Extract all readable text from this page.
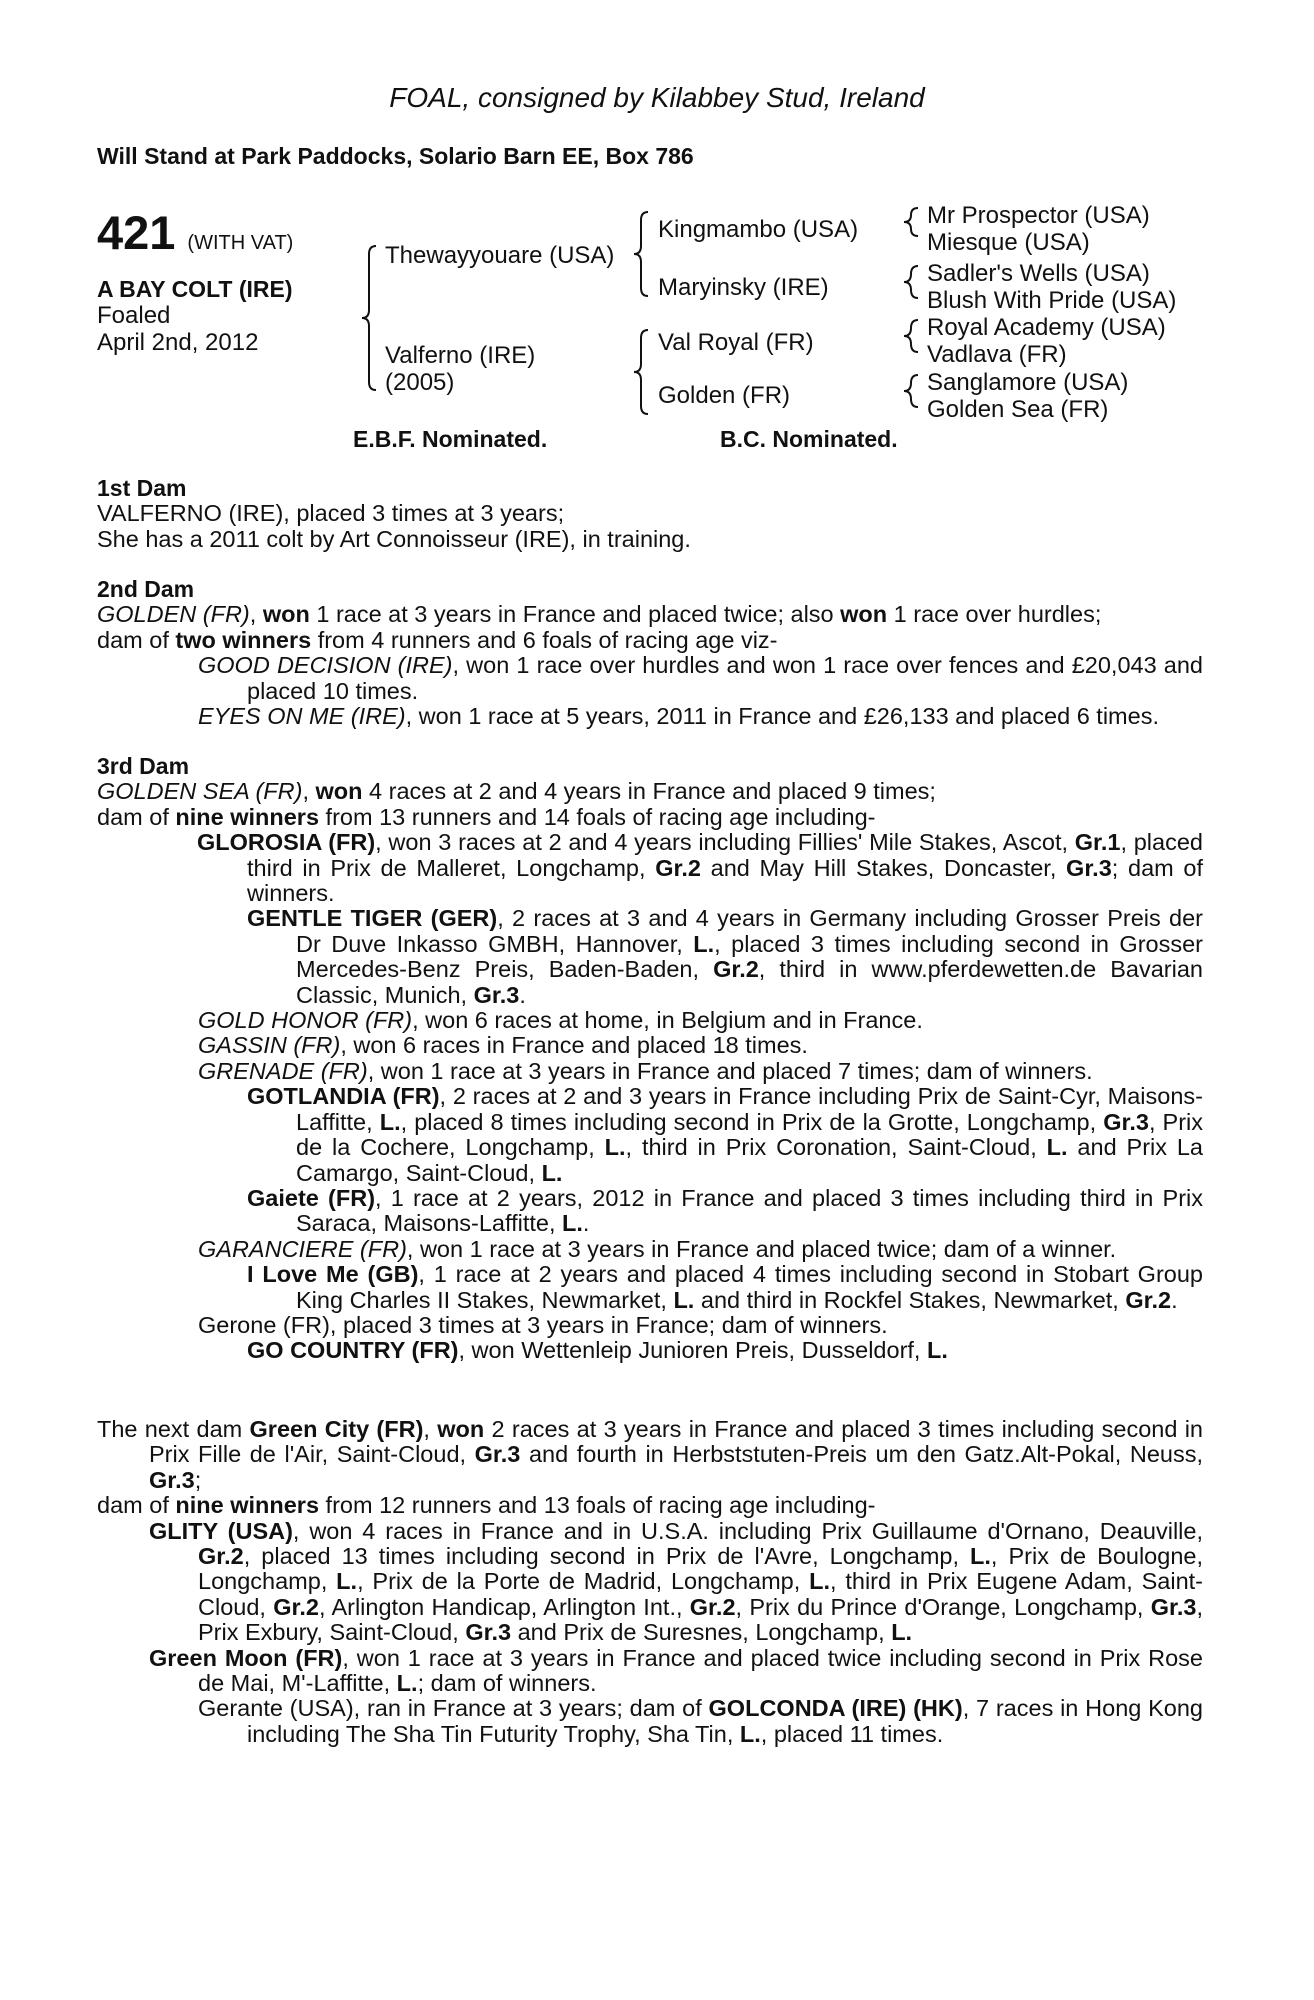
FOAL, consigned by Kilabbey Stud, Ireland
Will Stand at Park Paddocks, Solario Barn EE, Box 786
421 (WITH VAT)
A BAY COLT (IRE)
Foaled
April 2nd, 2012
Thewayyouare (USA)
Valferno (IRE)
(2005)
Kingmambo (USA)
Maryinsky (IRE)
Val Royal (FR)
Golden (FR)
Mr Prospector (USA)
Miesque (USA)
Sadler's Wells (USA)
Blush With Pride (USA)
Royal Academy (USA)
Vadlava (FR)
Sanglamore (USA)
Golden Sea (FR)
E.B.F. Nominated.	B.C. Nominated.

1st Dam

VALFERNO (IRE), placed 3 times at 3 years;

She has a 2011 colt by Art Connoisseur (IRE), in training.

2nd Dam

GOLDEN (FR), won 1 race at 3 years in France and placed twice; also won 1 race over hurdles;

dam of two winners from 4 runners and 6 foals of racing age viz-

GOOD DECISION (IRE), won 1 race over hurdles and won 1 race over fences and £20,043 and placed 10 times.

EYES ON ME (IRE), won 1 race at 5 years, 2011 in France and £26,133 and placed 6 times.

3rd Dam

GOLDEN SEA (FR), won 4 races at 2 and 4 years in France and placed 9 times;

dam of nine winners from 13 runners and 14 foals of racing age including-

GLOROSIA (FR), won 3 races at 2 and 4 years including Fillies' Mile Stakes, Ascot, Gr.1, placed third in Prix de Malleret, Longchamp, Gr.2 and May Hill Stakes, Doncaster, Gr.3; dam of winners.

GENTLE TIGER (GER), 2 races at 3 and 4 years in Germany including Grosser Preis der Dr Duve Inkasso GMBH, Hannover, L., placed 3 times including second in Grosser Mercedes-Benz Preis, Baden-Baden, Gr.2, third in www.pferdewetten.de Bavarian Classic, Munich, Gr.3.

GOLD HONOR (FR), won 6 races at home, in Belgium and in France.

GASSIN (FR), won 6 races in France and placed 18 times.

GRENADE (FR), won 1 race at 3 years in France and placed 7 times; dam of winners.

GOTLANDIA (FR), 2 races at 2 and 3 years in France including Prix de Saint-Cyr, Maisons-Laffitte, L., placed 8 times including second in Prix de la Grotte, Longchamp, Gr.3, Prix de la Cochere, Longchamp, L., third in Prix Coronation, Saint-Cloud, L. and Prix La Camargo, Saint-Cloud, L.

Gaiete (FR), 1 race at 2 years, 2012 in France and placed 3 times including third in Prix Saraca, Maisons-Laffitte, L..

GARANCIERE (FR), won 1 race at 3 years in France and placed twice; dam of a winner.

I Love Me (GB), 1 race at 2 years and placed 4 times including second in Stobart Group King Charles II Stakes, Newmarket, L. and third in Rockfel Stakes, Newmarket, Gr.2.

Gerone (FR), placed 3 times at 3 years in France; dam of winners.

GO COUNTRY (FR), won Wettenleip Junioren Preis, Dusseldorf, L.

The next dam Green City (FR), won 2 races at 3 years in France and placed 3 times including second in Prix Fille de l'Air, Saint-Cloud, Gr.3 and fourth in Herbststuten-Preis um den Gatz.Alt-Pokal, Neuss, Gr.3;

dam of nine winners from 12 runners and 13 foals of racing age including-

GLITY (USA), won 4 races in France and in U.S.A. including Prix Guillaume d'Ornano, Deauville, Gr.2, placed 13 times including second in Prix de l'Avre, Longchamp, L., Prix de Boulogne, Longchamp, L., Prix de la Porte de Madrid, Longchamp, L., third in Prix Eugene Adam, Saint-Cloud, Gr.2, Arlington Handicap, Arlington Int., Gr.2, Prix du Prince d'Orange, Longchamp, Gr.3, Prix Exbury, Saint-Cloud, Gr.3 and Prix de Suresnes, Longchamp, L.

Green Moon (FR), won 1 race at 3 years in France and placed twice including second in Prix Rose de Mai, M'-Laffitte, L.; dam of winners.

Gerante (USA), ran in France at 3 years; dam of GOLCONDA (IRE) (HK), 7 races in Hong Kong including The Sha Tin Futurity Trophy, Sha Tin, L., placed 11 times.
